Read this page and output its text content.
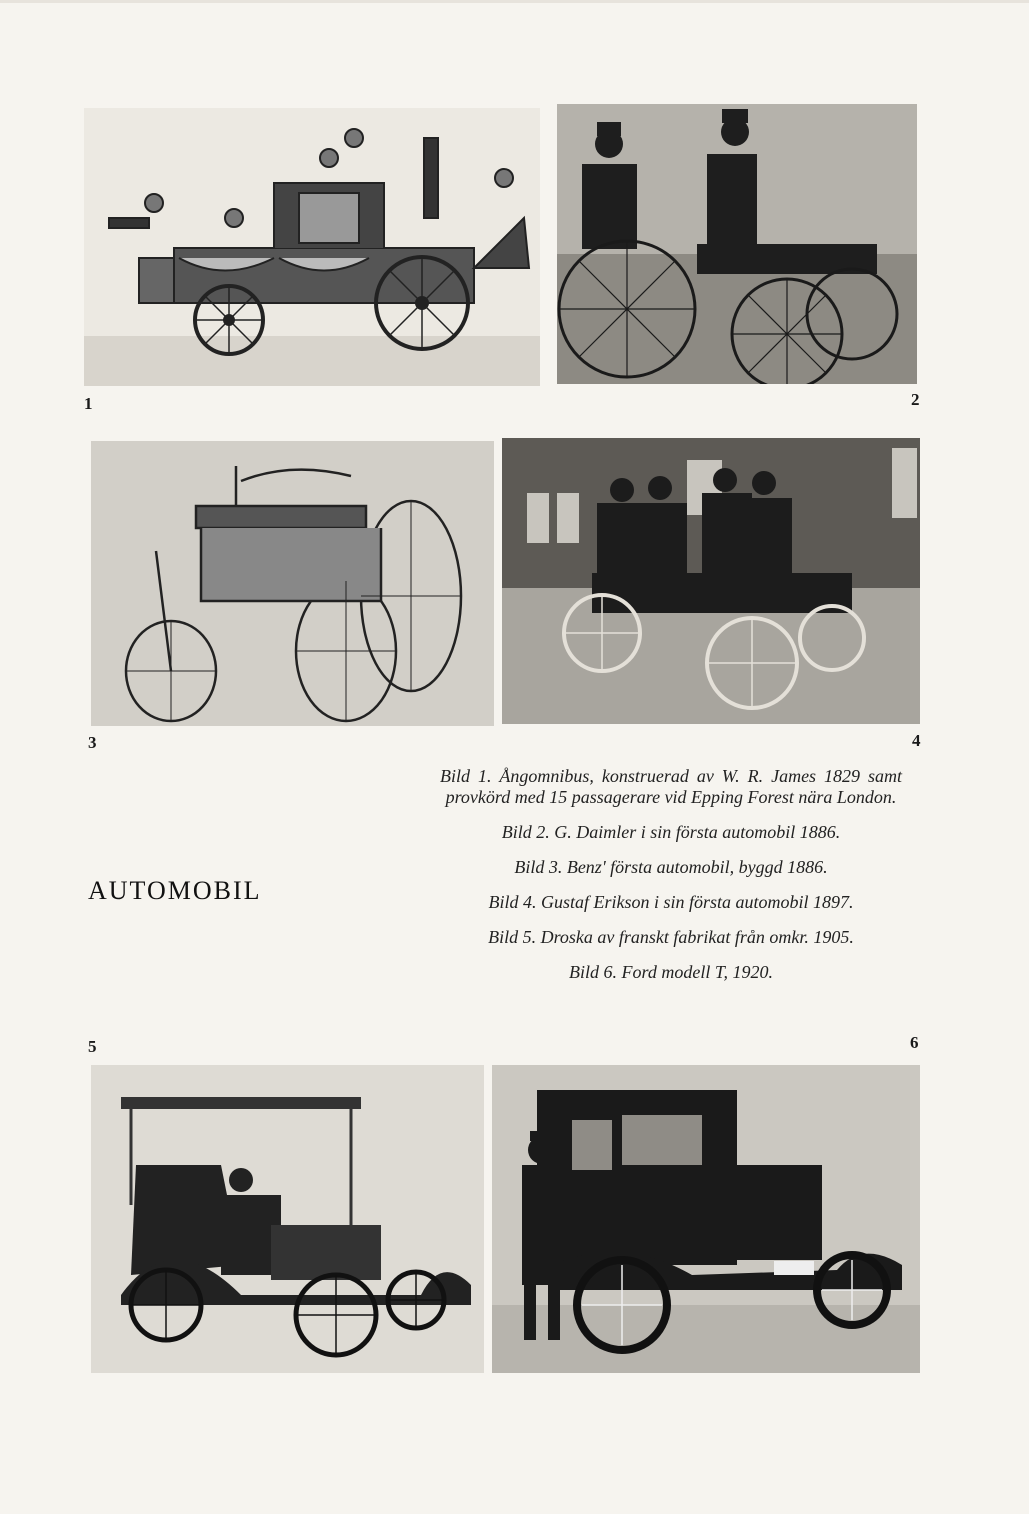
1	2
3	4
5	6
AUTOMOBIL

Bild 1. Ångomnibus, konstruerad av W. R. James 1829 samt provkörd med 15 passagerare vid Epping Forest nära London.

Bild 2. G. Daimler i sin första automobil 1886.

Bild 3. Benz' första automobil, byggd 1886.

Bild 4. Gustaf Erikson i sin första automobil 1897.

Bild 5. Droska av franskt fabrikat från omkr. 1905.

Bild 6. Ford modell T, 1920.
